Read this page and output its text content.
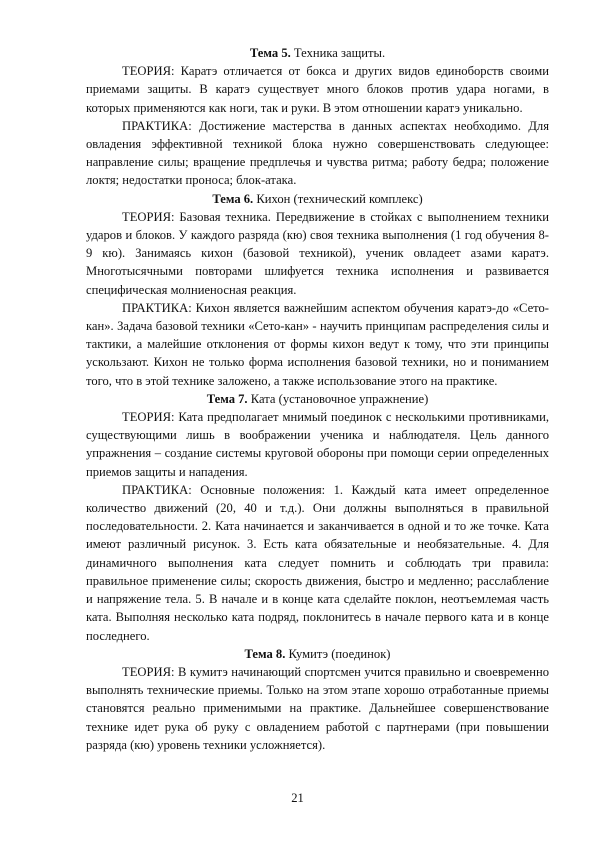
Тема 5. Техника защиты.

ТЕОРИЯ: Каратэ отличается от бокса и других видов единоборств своими приемами защиты. В каратэ существует много блоков против удара ногами, в которых применяются как ноги, так и руки. В этом отношении каратэ уникально.

ПРАКТИКА: Достижение мастерства в данных аспектах необходимо. Для овладения эффективной техникой блока нужно совершенствовать следующее: направление силы; вращение предплечья и чувства ритма; работу бедра; положение локтя; недостатки проноса; блок-атака.

Тема 6. Кихон (технический комплекс)

ТЕОРИЯ: Базовая техника. Передвижение в стойках с выполнением техники ударов и блоков. У каждого разряда (кю) своя техника выполнения (1 год обучения 8-9 кю). Занимаясь кихон (базовой техникой), ученик овладеет азами каратэ. Многотысячными повторами шлифуется техника исполнения и развивается специфическая молниеносная реакция.

ПРАКТИКА: Кихон является важнейшим аспектом обучения каратэ-до «Сето-кан». Задача базовой техники «Сето-кан» - научить принципам распределения силы и тактики, а малейшие отклонения от формы кихон ведут к тому, что эти принципы ускользают. Кихон не только форма исполнения базовой техники, но и пониманием того, что в этой технике заложено, а также использование этого на практике.

Тема 7. Ката (установочное упражнение)

ТЕОРИЯ: Ката предполагает мнимый поединок с несколькими противниками, существующими лишь в воображении ученика и наблюдателя. Цель данного упражнения – создание системы круговой обороны при помощи серии определенных приемов защиты и нападения.

ПРАКТИКА: Основные положения: 1. Каждый ката имеет определенное количество движений (20, 40 и т.д.). Они должны выполняться в правильной последовательности. 2. Ката начинается и заканчивается в одной и то же точке. Ката имеют различный рисунок. 3. Есть ката обязательные и необязательные. 4. Для динамичного выполнения ката следует помнить и соблюдать три правила: правильное применение силы; скорость движения, быстро и медленно; расслабление и напряжение тела. 5. В начале и в конце ката сделайте поклон, неотъемлемая часть ката. Выполняя несколько ката подряд, поклонитесь в начале первого ката и в конце последнего.

Тема 8. Кумитэ (поединок)

ТЕОРИЯ: В кумитэ начинающий спортсмен учится правильно и своевременно выполнять технические приемы. Только на этом этапе хорошо отработанные приемы становятся реально применимыми на практике. Дальнейшее совершенствование технике идет рука об руку с овладением работой с партнерами (при повышении разряда (кю) уровень техники усложняется).

21
